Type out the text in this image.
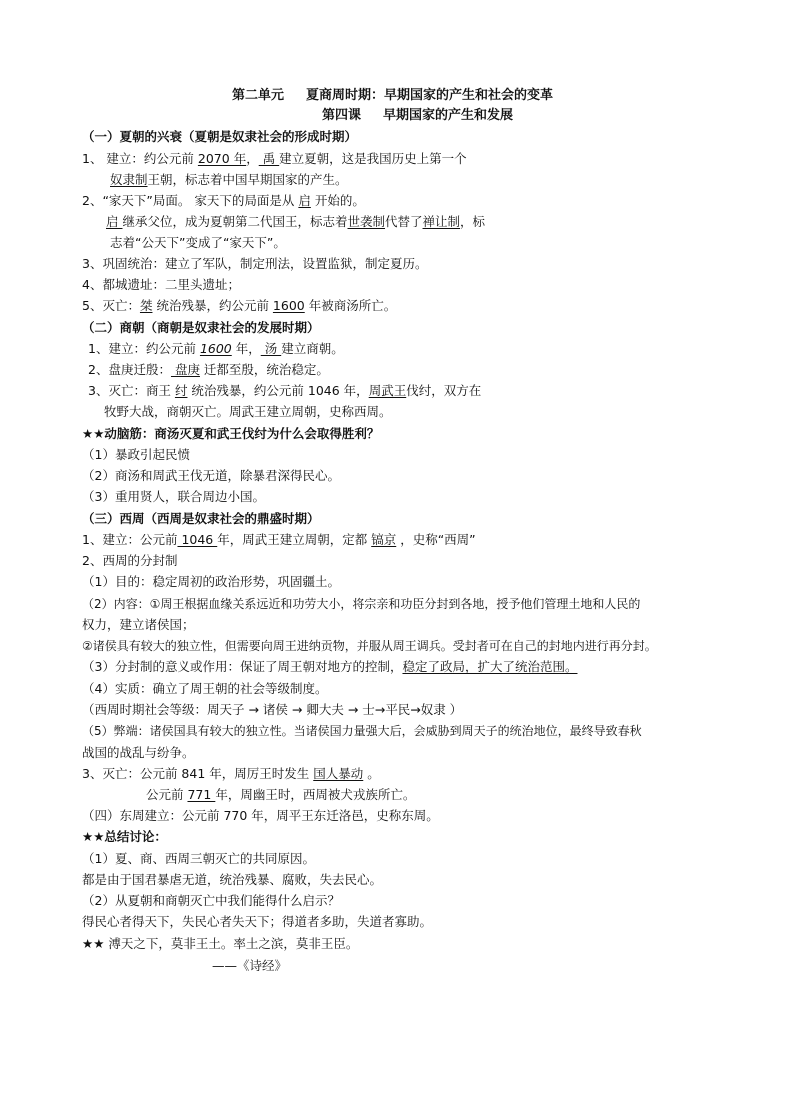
第二单元 夏商周时期：早期国家的产生和社会的变革
第四课 早期国家的产生和发展
（一）夏朝的兴衰（夏朝是奴隶社会的形成时期）
1、 建立：约公元前 2070 年， 禹 建立夏朝，这是我国历史上第一个
奴隶制王朝，标志着中国早期国家的产生。
2、“家天下”局面。 家天下的局面是从 启 开始的。
启 继承父位，成为夏朝第二代国王，标志着世袭制代替了禅让制，标
志着“公天下”变成了“家天下”。
3、巩固统治：建立了军队，制定刑法，设置监狱，制定夏历。
4、都城遗址：二里头遗址；
5、灭亡：桀 统治残暴，约公元前 1600 年被商汤所亡。
（二）商朝（商朝是奴隶社会的发展时期）
1、建立：约公元前 1600 年， 汤 建立商朝。
2、盘庚迁殷： 盘庚 迁都至殷，统治稳定。
3、灭亡：商王 纣 统治残暴，约公元前 1046 年，周武王伐纣，双方在
牧野大战，商朝灭亡。周武王建立周朝，史称西周。
★★动脑筋：商汤灭夏和武王伐纣为什么会取得胜利？
（1）暴政引起民愤
（2）商汤和周武王伐无道，除暴君深得民心。
（3）重用贤人，联合周边小国。
（三）西周（西周是奴隶社会的鼎盛时期）
1、建立：公元前 1046 年，周武王建立周朝，定都 镐京 ，史称“西周”
2、西周的分封制
（1）目的：稳定周初的政治形势，巩固疆土。
（2）内容：①周王根据血缘关系远近和功劳大小，将宗亲和功臣分封到各地，授予他们管理土地和人民的
权力，建立诸侯国；
②诸侯具有较大的独立性，但需要向周王进纳贡物，并服从周王调兵。受封者可在自己的封地内进行再分封。
（3）分封制的意义或作用：保证了周王朝对地方的控制，稳定了政局，扩大了统治范围。
（4）实质：确立了周王朝的社会等级制度。
（西周时期社会等级：周天子 → 诸侯 → 卿大夫 → 士→平民→奴隶 ）
（5）弊端：诸侯国具有较大的独立性。当诸侯国力量强大后，会威胁到周天子的统治地位，最终导致春秋
战国的战乱与纷争。
3、灭亡：公元前 841 年，周厉王时发生 国人暴动 。
公元前 771 年，周幽王时，西周被犬戎族所亡。
（四）东周建立：公元前 770 年，周平王东迁洛邑，史称东周。
★★总结讨论：
（1）夏、商、西周三朝灭亡的共同原因。
都是由于国君暴虐无道，统治残暴、腐败，失去民心。
（2）从夏朝和商朝灭亡中我们能得什么启示？
得民心者得天下，失民心者失天下；得道者多助，失道者寡助。
★★ 溥天之下，莫非王土。率土之滨，莫非王臣。
——《诗经》
